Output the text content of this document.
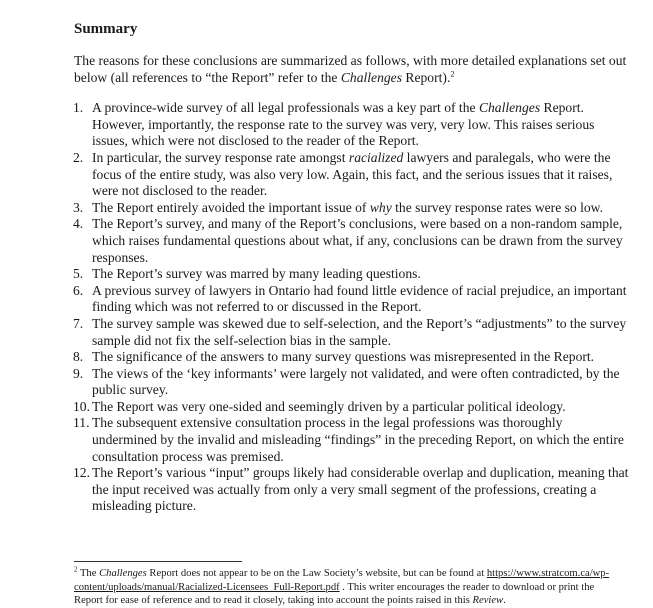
Summary

The reasons for these conclusions are summarized as follows, with more detailed explanations set out below (all references to “the Report” refer to the Challenges Report).$^2$

1. A province-wide survey of all legal professionals was a key part of the Challenges Report. However, importantly, the response rate to the survey was very, very low. This raises serious issues, which were not disclosed to the reader of the Report.
2. In particular, the survey response rate amongst racialized lawyers and paralegals, who were the focus of the entire study, was also very low. Again, this fact, and the serious issues that it raises, were not disclosed to the reader.
3. The Report entirely avoided the important issue of why the survey response rates were so low.
4. The Report’s survey, and many of the Report’s conclusions, were based on a non-random sample, which raises fundamental questions about what, if any, conclusions can be drawn from the survey responses.
5. The Report’s survey was marred by many leading questions.
6. A previous survey of lawyers in Ontario had found little evidence of racial prejudice, an important finding which was not referred to or discussed in the Report.
7. The survey sample was skewed due to self-selection, and the Report’s “adjustments” to the survey sample did not fix the self-selection bias in the sample.
8. The significance of the answers to many survey questions was misrepresented in the Report.
9. The views of the ‘key informants’ were largely not validated, and were often contradicted, by the public survey.
10. The Report was very one-sided and seemingly driven by a particular political ideology.
11. The subsequent extensive consultation process in the legal professions was thoroughly undermined by the invalid and misleading “findings” in the preceding Report, on which the entire consultation process was premised.
12. The Report’s various “input” groups likely had considerable overlap and duplication, meaning that the input received was actually from only a very small segment of the professions, creating a misleading picture.

$^2$ The Challenges Report does not appear to be on the Law Society’s website, but can be found at https://www.stratcom.ca/wp-content/uploads/manual/Racialized-Licensees_Full-Report.pdf . This writer encourages the reader to download or print the Report for ease of reference and to read it closely, taking into account the points raised in this Review.
